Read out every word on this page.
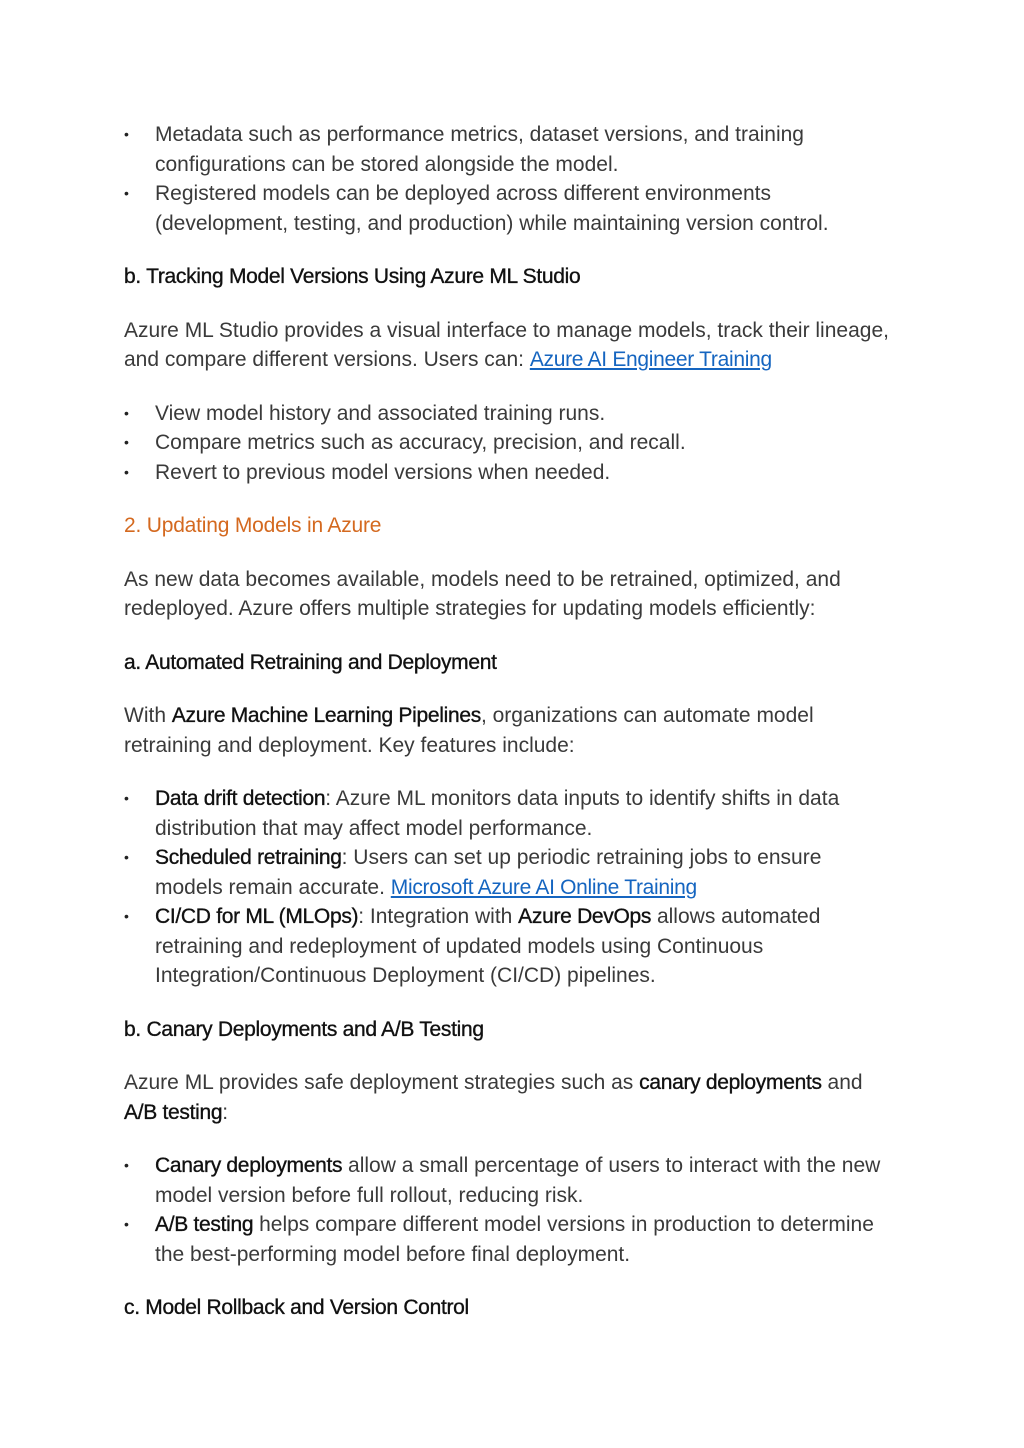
• Metadata such as performance metrics, dataset versions, and training configurations can be stored alongside the model.
• Registered models can be deployed across different environments (development, testing, and production) while maintaining version control.

b. Tracking Model Versions Using Azure ML Studio

Azure ML Studio provides a visual interface to manage models, track their lineage, and compare different versions. Users can: Azure AI Engineer Training

• View model history and associated training runs.
• Compare metrics such as accuracy, precision, and recall.
• Revert to previous model versions when needed.

2. Updating Models in Azure

As new data becomes available, models need to be retrained, optimized, and redeployed. Azure offers multiple strategies for updating models efficiently:

a. Automated Retraining and Deployment

With Azure Machine Learning Pipelines, organizations can automate model retraining and deployment. Key features include:

• Data drift detection: Azure ML monitors data inputs to identify shifts in data distribution that may affect model performance.
• Scheduled retraining: Users can set up periodic retraining jobs to ensure models remain accurate. Microsoft Azure AI Online Training
• CI/CD for ML (MLOps): Integration with Azure DevOps allows automated retraining and redeployment of updated models using Continuous Integration/Continuous Deployment (CI/CD) pipelines.

b. Canary Deployments and A/B Testing

Azure ML provides safe deployment strategies such as canary deployments and A/B testing:

• Canary deployments allow a small percentage of users to interact with the new model version before full rollout, reducing risk.
• A/B testing helps compare different model versions in production to determine the best-performing model before final deployment.

c. Model Rollback and Version Control
